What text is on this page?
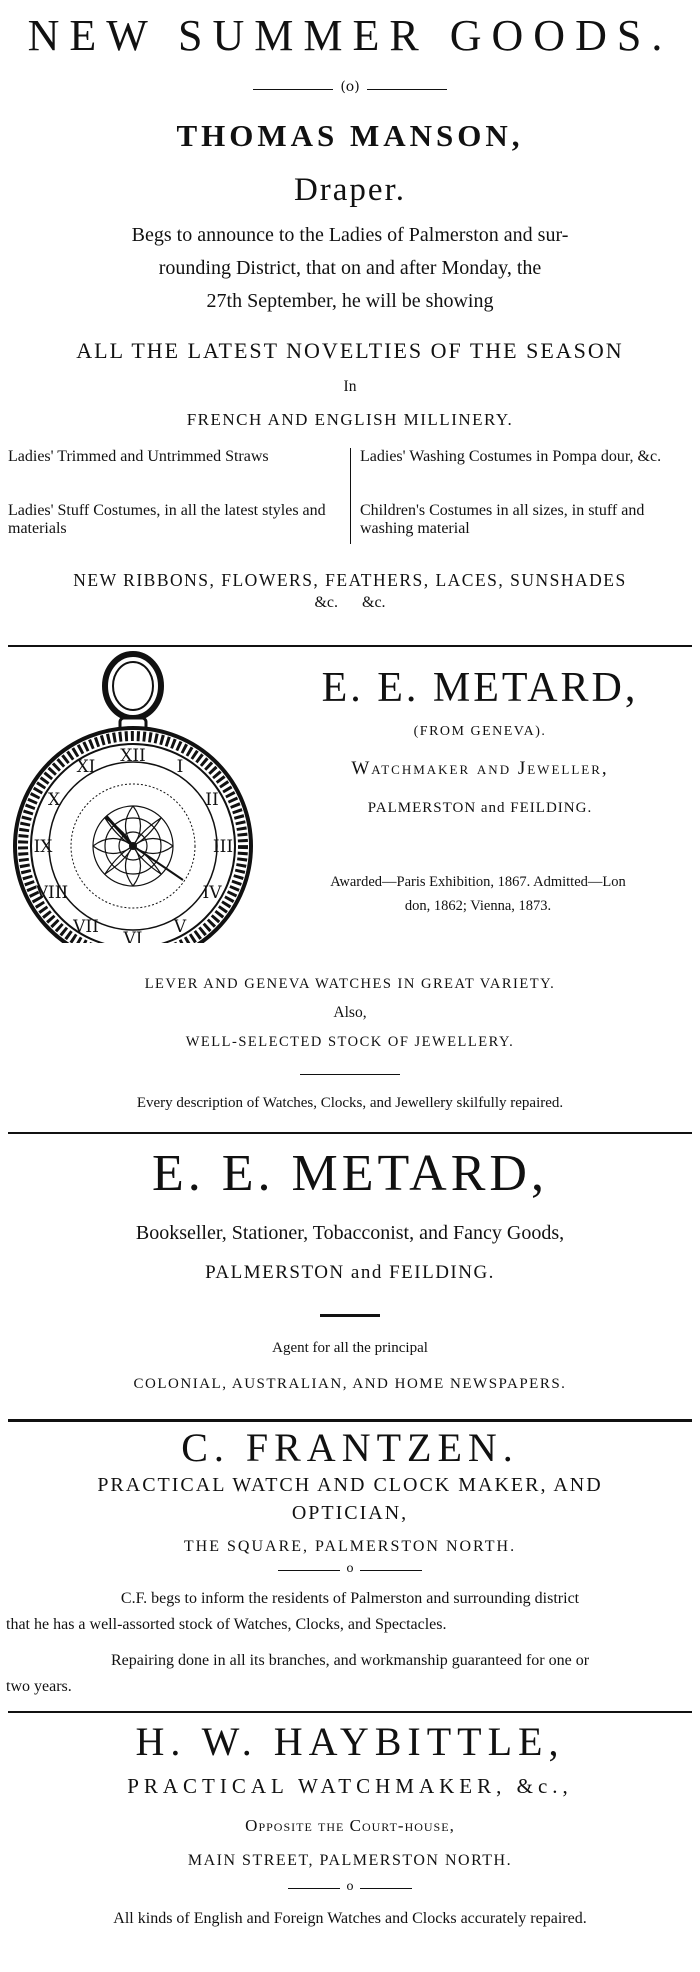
NEW SUMMER GOODS.
(o)
THOMAS MANSON,
Draper.
Begs to announce to the Ladies of Palmerston and sur-
rounding District, that on and after Monday, the
27th September, he will be showing
ALL THE LATEST NOVELTIES OF THE SEASON
In
FRENCH AND ENGLISH MILLINERY.
Ladies' Trimmed and Untrimmed Straws
Ladies' Stuff Costumes, in all the latest styles and materials
Ladies' Washing Costumes in Pompa dour, &c.
Children's Costumes in all sizes, in stuff and washing material
NEW RIBBONS, FLOWERS, FEATHERS, LACES, SUNSHADES
&c. &c.
XII
I
II
III
IV
V
VI
VII
VIII
IX
X
XI
E. E. METARD,
(FROM GENEVA).
Watchmaker and Jeweller,
PALMERSTON and FEILDING.
Awarded—Paris Exhibition, 1867. Admitted—Lon
don, 1862; Vienna, 1873.
LEVER AND GENEVA WATCHES IN GREAT VARIETY.
Also,
WELL-SELECTED STOCK OF JEWELLERY.
Every description of Watches, Clocks, and Jewellery skilfully repaired.
E. E. METARD,
Bookseller, Stationer, Tobacconist, and Fancy Goods,
PALMERSTON and FEILDING.
Agent for all the principal
COLONIAL, AUSTRALIAN, AND HOME NEWSPAPERS.
C. FRANTZEN.
PRACTICAL WATCH AND CLOCK MAKER, AND
OPTICIAN,
THE SQUARE, PALMERSTON NORTH.
o
C.F. begs to inform the residents of Palmerston and surrounding district
that he has a well-assorted stock of Watches, Clocks, and Spectacles.
Repairing done in all its branches, and workmanship guaranteed for one or
two years.
H. W. HAYBITTLE,
PRACTICAL WATCHMAKER, &c.,
Opposite the Court-house,
MAIN STREET, PALMERSTON NORTH.
o
All kinds of English and Foreign Watches and Clocks accurately repaired.
